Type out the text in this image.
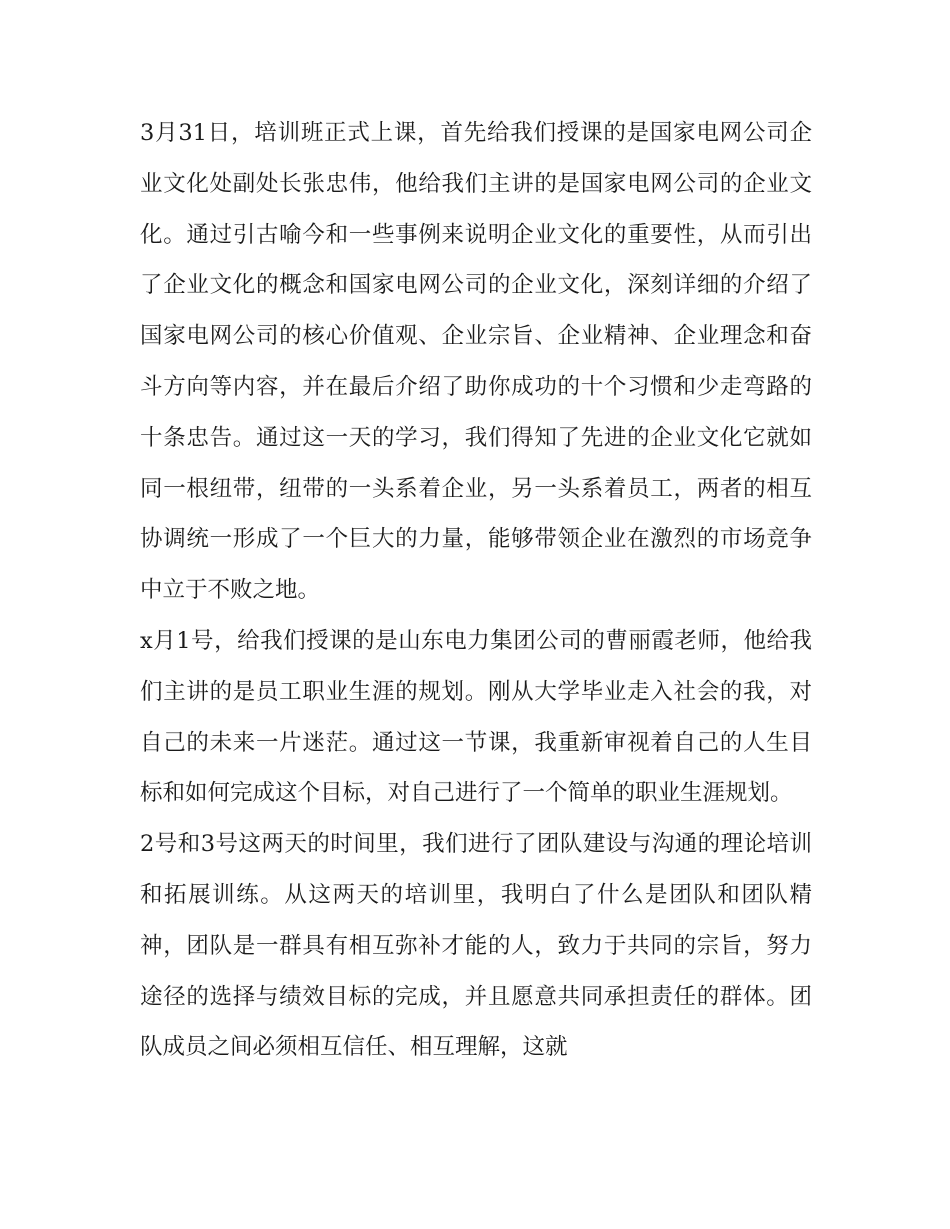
3月31日，培训班正式上课，首先给我们授课的是国家电网公司企业文化处副处长张忠伟，他给我们主讲的是国家电网公司的企业文化。通过引古喻今和一些事例来说明企业文化的重要性，从而引出了企业文化的概念和国家电网公司的企业文化，深刻详细的介绍了国家电网公司的核心价值观、企业宗旨、企业精神、企业理念和奋斗方向等内容，并在最后介绍了助你成功的十个习惯和少走弯路的十条忠告。通过这一天的学习，我们得知了先进的企业文化它就如同一根纽带，纽带的一头系着企业，另一头系着员工，两者的相互协调统一形成了一个巨大的力量，能够带领企业在激烈的市场竞争中立于不败之地。

x月1号，给我们授课的是山东电力集团公司的曹丽霞老师，他给我们主讲的是员工职业生涯的规划。刚从大学毕业走入社会的我，对自己的未来一片迷茫。通过这一节课，我重新审视着自己的人生目标和如何完成这个目标，对自己进行了一个简单的职业生涯规划。

2号和3号这两天的时间里，我们进行了团队建设与沟通的理论培训和拓展训练。从这两天的培训里，我明白了什么是团队和团队精神，团队是一群具有相互弥补才能的人，致力于共同的宗旨，努力途径的选择与绩效目标的完成，并且愿意共同承担责任的群体。团队成员之间必须相互信任、相互理解，这就
